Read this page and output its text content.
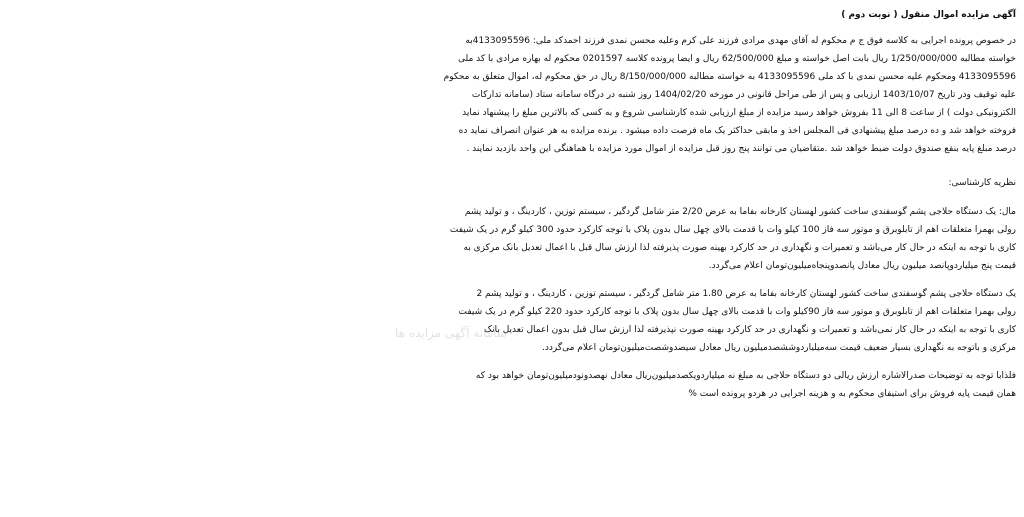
سامانه آگهی مزایده ها
آگهی مزایده اموال منقول ( نوبت دوم )
در خصوص پرونده اجرایی به کلاسه فوق ج م محکوم له آقای مهدی مرادی فرزند علی کرم وعلیه محسن نمدی فرزند احمدکد ملی: 4133095596به
خواسته مطالبه 1/250/000/000 ریال بابت اصل خواسته و مبلغ 62/500/000 ریال و ایضا پرونده کلاسه 0201597 محکوم له بهاره مرادی با کد ملی
4133095596 ومحکوم علیه محسن نمدی با کد ملی 4133095596 به خواسته مطالبه 8/150/000/000 ریال در حق محکوم له، اموال متعلق به محکوم
علیه توقیف ودر تاریخ 1403/10/07 ارزیابی و پس از طی مراحل قانونی در مورخه 1404/02/20 روز شنبه در درگاه سامانه ستاد (سامانه تدارکات
الکترونیکی دولت ) از ساعت 8 الی 11 بفروش خواهد رسید مزایده از مبلغ ارزیابی شده کارشناسی شروع و به کسی که بالاترین مبلغ را پیشنهاد نماید
فروخته خواهد شد و ده درصد مبلغ پیشنهادی فی المجلس اخذ و مابقی حداکثر یک ماه فرصت داده میشود . برنده مزایده به هر عنوان انصراف نماید ده
درصد مبلغ پایه بنفع صندوق دولت ضبط خواهد شد .متقاضیان می توانند پنج روز قبل مزایده از اموال مورد مزایده با هماهنگی این واحد بازدید نمایند .
نظریه کارشناسی:
مال: یک دستگاه حلاجی پشم گوسفندی ساخت کشور لهستان کارخانه بفاما به عرض 2/20 متر شامل گردگیر ، سیستم توزین ، کاردینگ ، و تولید پشم
رولی بهمرا متعلقات اهم از تابلوبرق و موتور سه فاز 100 کیلو وات با قدمت بالای چهل سال بدون پلاک با توجه کارکرد حدود 300 کیلو گرم در یک شیفت
کاری با توجه به اینکه در حال کار می‌باشد و تعمیرات و نگهداری در حد کارکرد بهینه صورت پذیرفته لذا ارزش سال قبل با اعمال تعدیل بانک مرکزی به
قیمت پنج میلیاردوپانصد میلیون ریال معادل پانصدوپنجاه‌میلیون‌تومان اعلام می‌گردد.
یک دستگاه حلاجی پشم گوسفندی ساخت کشور لهستان کارخانه بفاما به عرض 1.80 متر شامل گردگیر ، سیستم توزین ، کاردینگ ، و تولید پشم 2
رولی بهمرا متعلقات اهم از تابلوبرق و موتور سه فاز 90کیلو وات با قدمت بالای چهل سال بدون پلاک با توجه کارکرد حدود 220 کیلو گرم در یک شیفت
کاری با توجه به اینکه در حال کار نمی‌باشد و تعمیرات و نگهداری در حد کارکرد بهینه صورت نپذیرفته لذا ارزش سال قبل بدون اعمال تعدیل بانک
مرکزی و باتوجه به نگهداری بسیار ضعیف قیمت سه‌میلیاردوششصدمیلیون ریال معادل سیصدوشصت‌میلیون‌تومان اعلام می‌گردد.
فلذابا توجه به توضیحات صدرالاشاره ارزش ریالی دو دستگاه حلاجی به مبلغ نه میلیاردویکصدمیلیون‌ریال معادل نهصدونودمیلیون‌تومان خواهد بود که
همان قیمت پایه فروش برای استیفای محکوم به و هزینه اجرایی در هردو پرونده است %
